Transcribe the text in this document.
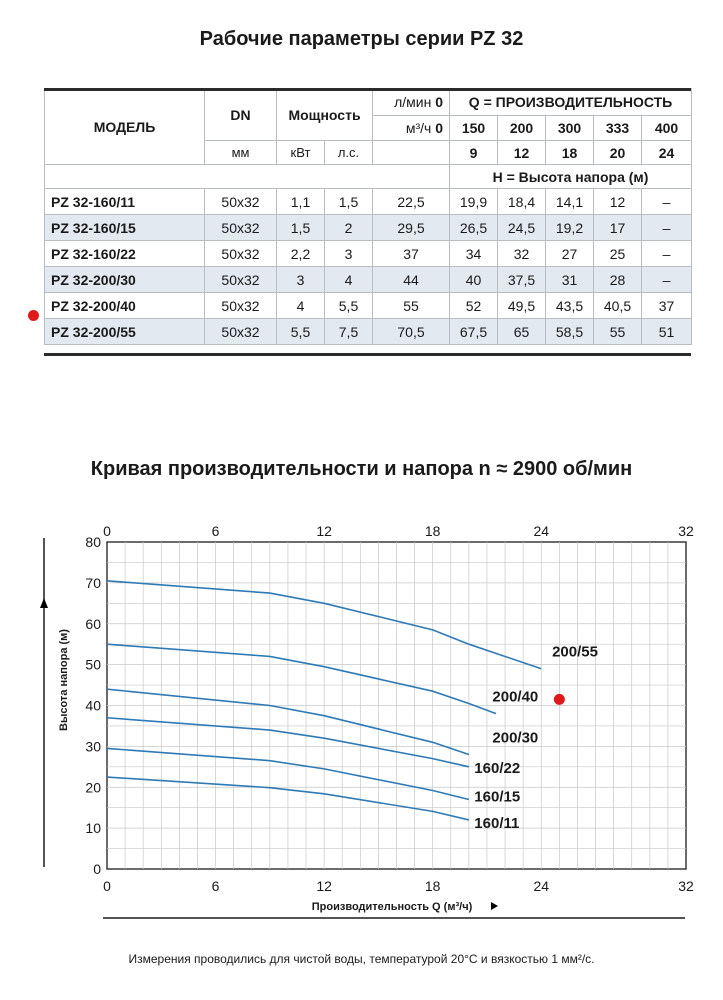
Рабочие параметры серии PZ 32
МОДЕЛЬ	DN	Мощность		л/мин 0	Q = ПРОИЗВОДИТЕЛЬНОСТЬ				
				м³/ч 0	150	200	300	333	400
	мм	кВт	л.с.		9	12	18	20	24
					H = Высота напора (м)				
PZ 32-160/11	50x32	1,1	1,5	22,5	19,9	18,4	14,1	12	–
PZ 32-160/15	50x32	1,5	2	29,5	26,5	24,5	19,2	17	–
PZ 32-160/22	50x32	2,2	3	37	34	32	27	25	–
PZ 32-200/30	50x32	3	4	44	40	37,5	31	28	–
PZ 32-200/40	50x32	4	5,5	55	52	49,5	43,5	40,5	37
PZ 32-200/55	50x32	5,5	7,5	70,5	67,5	65	58,5	55	51
Кривая производительности и напора n ≈ 2900 об/мин
0
10
20
30
40
50
60
70
80
0
0
6
6
12
12
18
18
24
24
32
32
Производительность Q (м³/ч)
Высота напора (м)	200/55
200/40
200/30
160/22
160/15
160/11
Измерения проводились для чистой воды, температурой 20°C и вязкостью 1 мм²/с.
